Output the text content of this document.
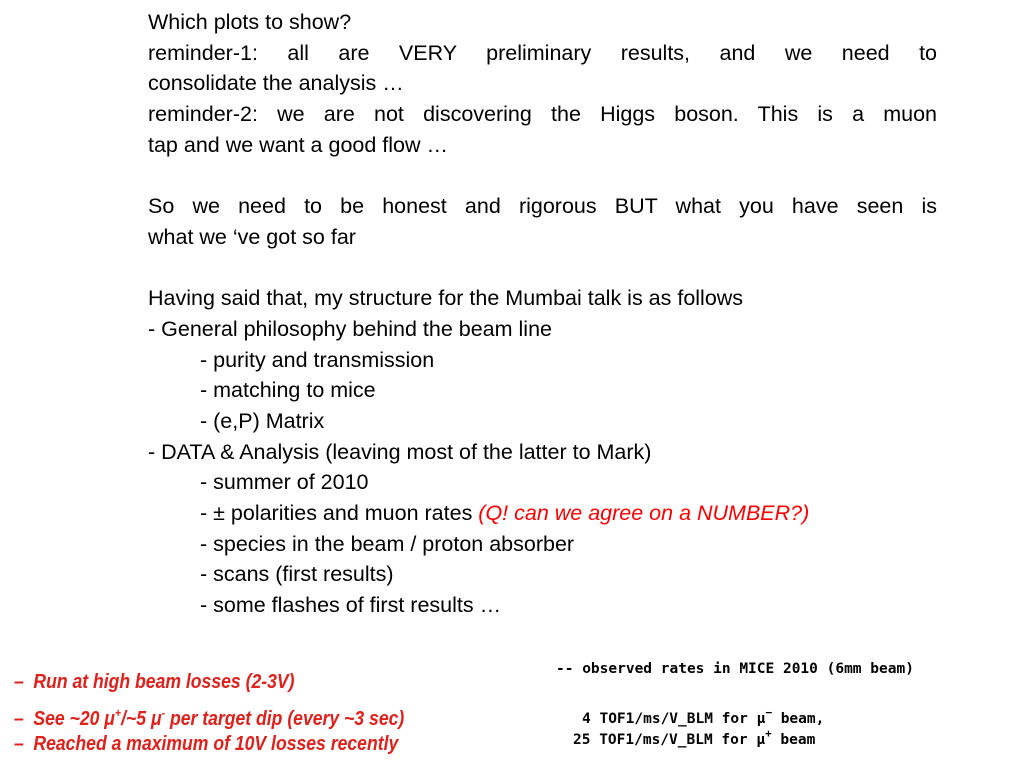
Which plots to show?
reminder-1: all are VERY preliminary results, and we need to
consolidate the analysis …
reminder-2: we are not discovering the Higgs boson. This is a muon
tap and we want a good flow …
So we need to be honest and rigorous BUT what you have seen is
what we ‘ve got so far
Having said that, my structure for the Mumbai talk is as follows
- General philosophy behind the beam line
- purity and transmission
- matching to mice
- (e,P) Matrix
- DATA & Analysis (leaving most of the latter to Mark)
- summer of 2010
- ± polarities and muon rates (Q! can we agree on a NUMBER?)
- species in the beam / proton absorber
- scans (first results)
- some flashes of first results …
– Run at high beam losses (2-3V)
– See ~20 μ+/~5 μ- per target dip (every ~3 sec)
– Reached a maximum of 10V losses recently

-- observed rates in MICE 2010 (6mm beam)

4 TOF1/ms/V_BLM for μ− beam,

25 TOF1/ms/V_BLM for μ+ beam
